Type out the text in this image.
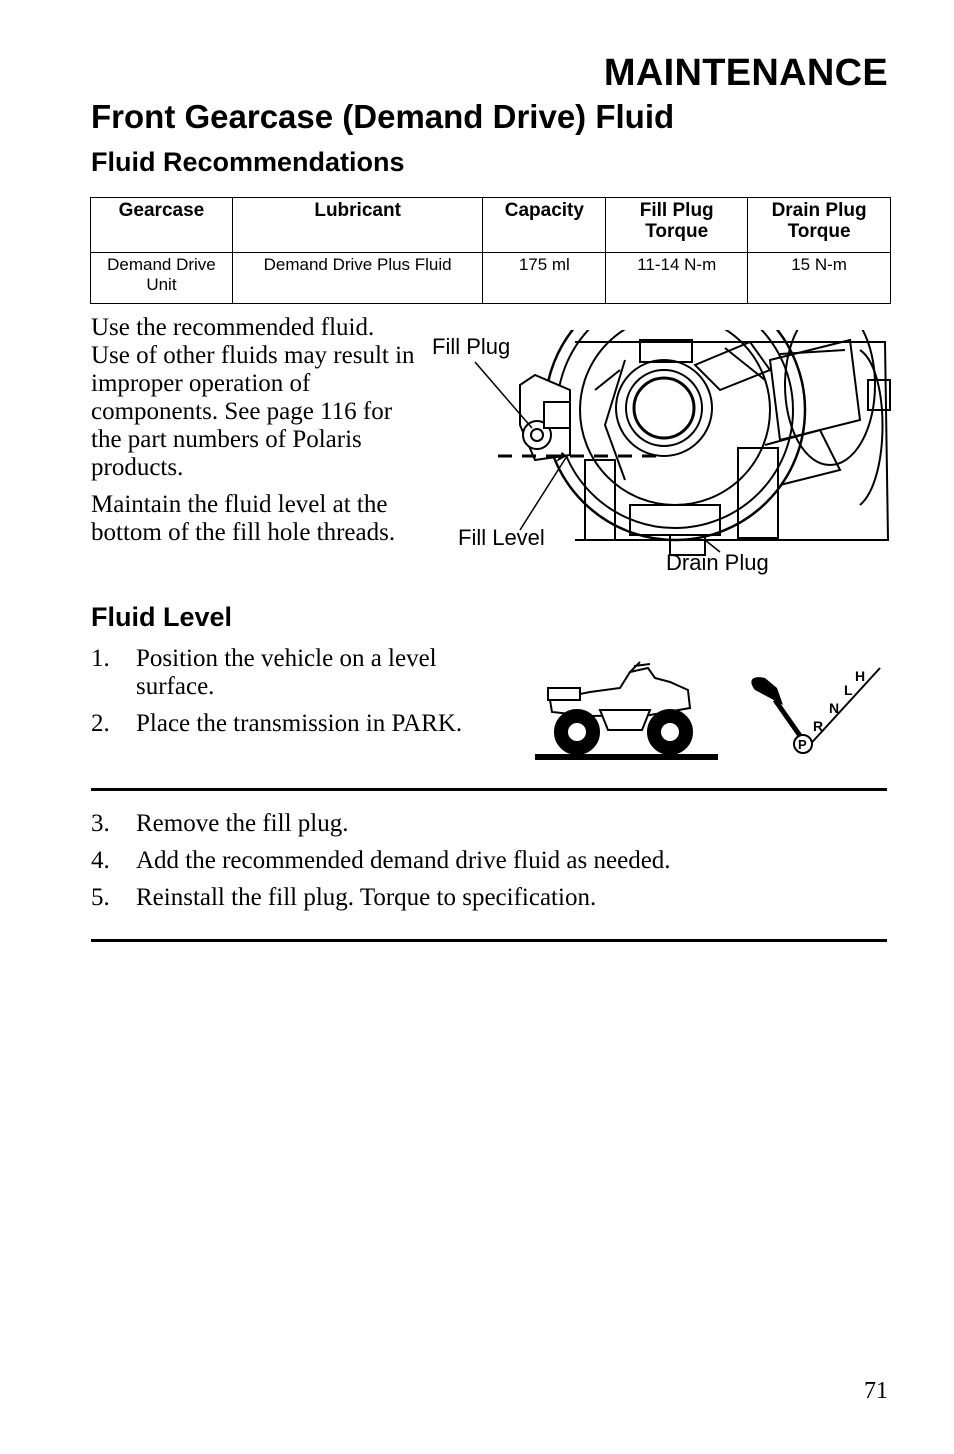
MAINTENANCE
Front Gearcase (Demand Drive) Fluid
Fluid Recommendations
Gearcase	Lubricant	Capacity	Fill Plug Torque	Drain Plug Torque
Demand Drive Unit	Demand Drive Plus Fluid	175 ml	11-14 N-m	15 N-m

Use the recommended fluid. Use of other fluids may result in improper operation of components. See page 116 for the part numbers of Polaris products.

Maintain the fluid level at the bottom of the fill hole threads.

Fill Plug
Fill Level
Drain Plug
Fluid Level
1. Position the vehicle on a level surface.
2. Place the transmission in PARK.
H
L
N
R
P
3. Remove the fill plug.
4. Add the recommended demand drive fluid as needed.
5. Reinstall the fill plug. Torque to specification.
71
